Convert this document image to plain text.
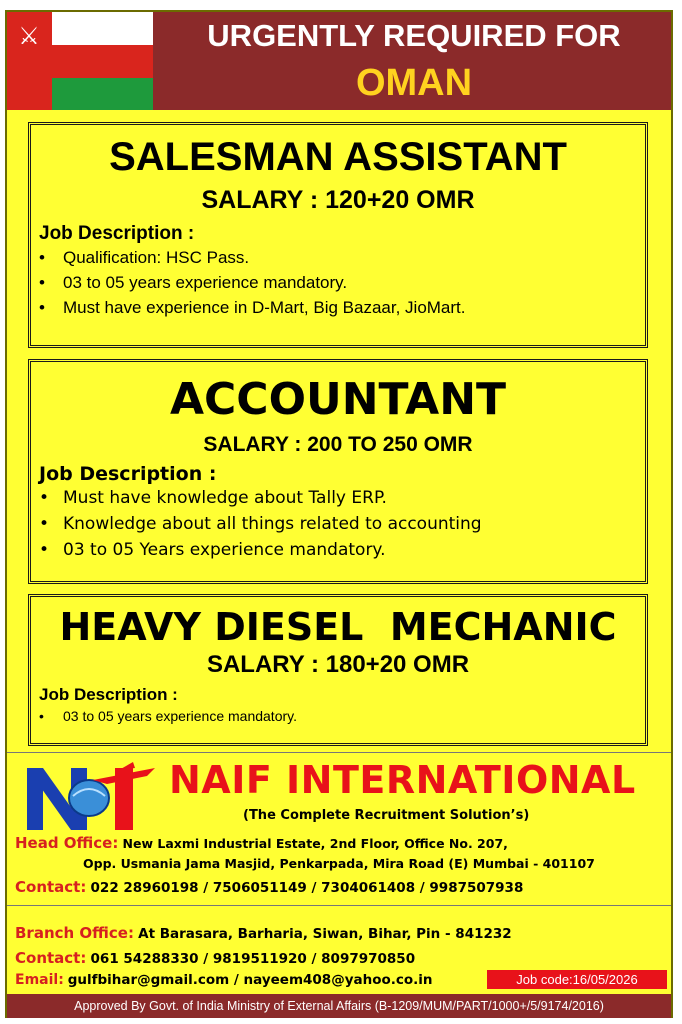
⚔	URGENTLY REQUIRED FOR
OMAN
SALESMAN ASSISTANT
SALARY : 120+20 OMR
Job Description :
• Qualification: HSC Pass.
• 03 to 05 years experience mandatory.
• Must have experience in D-Mart, Big Bazaar, JioMart.
ACCOUNTANT
SALARY : 200 TO 250 OMR
Job Description :
• Must have knowledge about Tally ERP.
• Knowledge about all things related to accounting
• 03 to 05 Years experience mandatory.
HEAVY DIESEL  MECHANIC
SALARY : 180+20 OMR
Job Description :
• 03 to 05 years experience mandatory.
NAIF INTERNATIONAL
(The Complete Recruitment Solution’s)
Head Office: New Laxmi Industrial Estate, 2nd Floor, Office No. 207,
Opp. Usmania Jama Masjid, Penkarpada, Mira Road (E) Mumbai - 401107
Contact: 022 28960198 / 7506051149 / 7304061408 / 9987507938
Branch Office: At Barasara, Barharia, Siwan, Bihar, Pin - 841232
Contact: 061 54288330 / 9819511920 / 8097970850
Email: gulfbihar@gmail.com / nayeem408@yahoo.co.in	Job code:16/05/2026
Approved By Govt. of India Ministry of External Affairs (B-1209/MUM/PART/1000+/5/9174/2016)
